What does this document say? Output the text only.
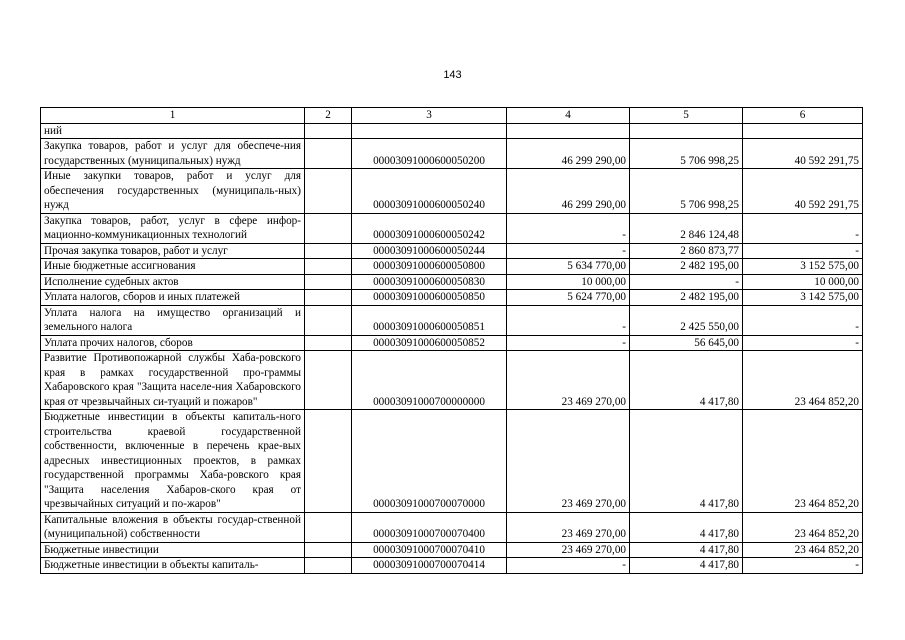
143
1	2	3	4	5	6
ний					
Закупка товаров, работ и услуг для обеспече-ния государственных (муниципальных) нужд		00003091000600050200	46 299 290,00	5 706 998,25	40 592 291,75
Иные закупки товаров, работ и услуг для обеспечения государственных (муниципаль-ных) нужд		00003091000600050240	46 299 290,00	5 706 998,25	40 592 291,75
Закупка товаров, работ, услуг в сфере инфор-мационно-коммуникационных технологий		00003091000600050242	-	2 846 124,48	-
Прочая закупка товаров, работ и услуг		00003091000600050244	-	2 860 873,77	-
Иные бюджетные ассигнования		00003091000600050800	5 634 770,00	2 482 195,00	3 152 575,00
Исполнение судебных актов		00003091000600050830	10 000,00	-	10 000,00
Уплата налогов, сборов и иных платежей		00003091000600050850	5 624 770,00	2 482 195,00	3 142 575,00
Уплата налога на имущество организаций и земельного налога		00003091000600050851	-	2 425 550,00	-
Уплата прочих налогов, сборов		00003091000600050852	-	56 645,00	-
Развитие Противопожарной службы Хаба-ровского края в рамках государственной про-граммы Хабаровского края "Защита населе-ния Хабаровского края от чрезвычайных си-туаций и пожаров"		00003091000700000000	23 469 270,00	4 417,80	23 464 852,20
Бюджетные инвестиции в объекты капиталь-ного строительства краевой государственной собственности, включенные в перечень крае-вых адресных инвестиционных проектов, в рамках государственной программы Хаба-ровского края "Защита населения Хабаров-ского края от чрезвычайных ситуаций и по-жаров"		00003091000700070000	23 469 270,00	4 417,80	23 464 852,20
Капитальные вложения в объекты государ-ственной (муниципальной) собственности		00003091000700070400	23 469 270,00	4 417,80	23 464 852,20
Бюджетные инвестиции		00003091000700070410	23 469 270,00	4 417,80	23 464 852,20
Бюджетные инвестиции в объекты капиталь-		00003091000700070414	-	4 417,80	-
